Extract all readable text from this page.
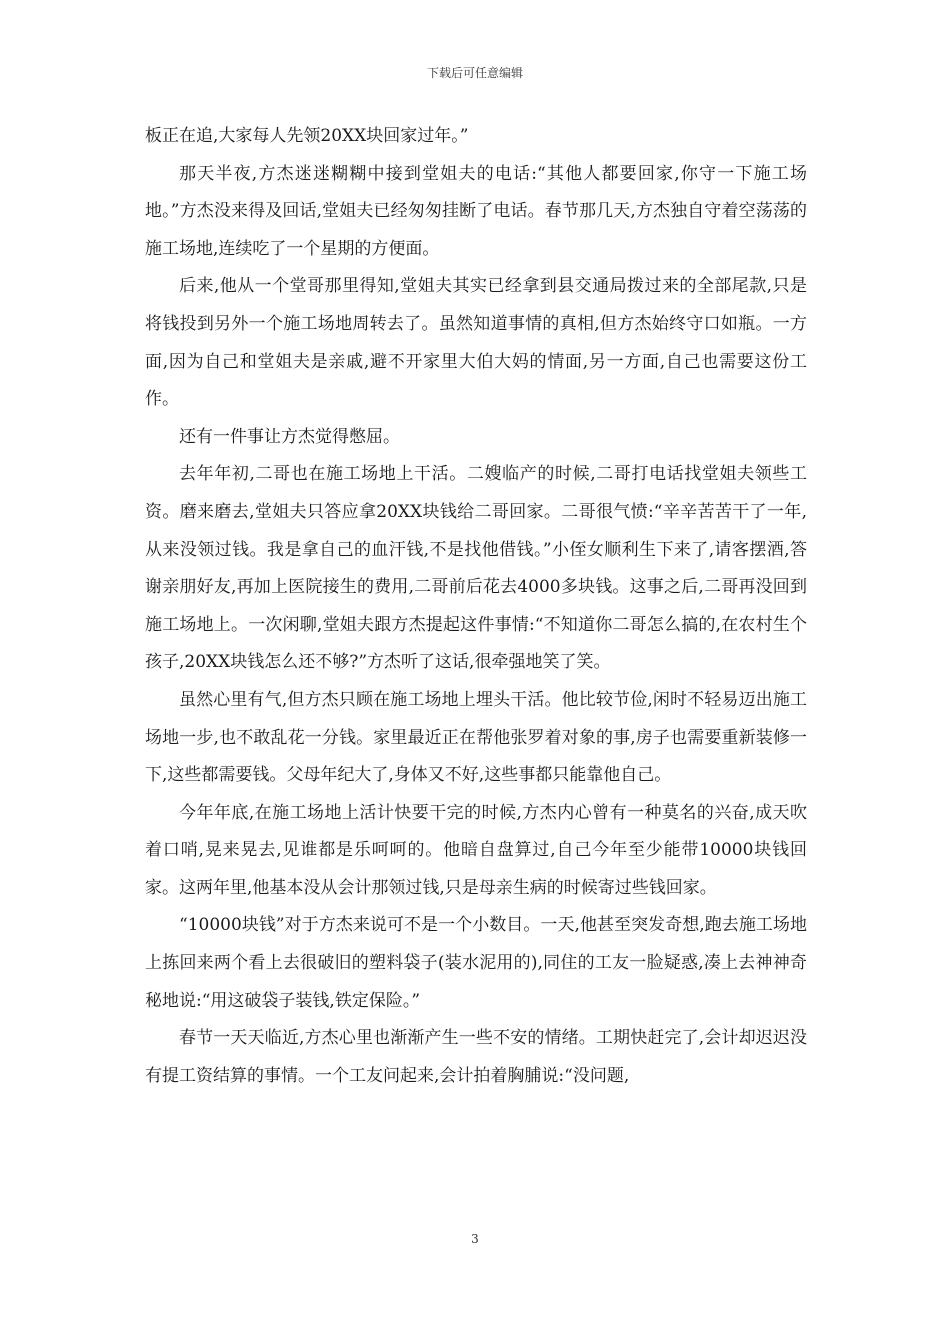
下载后可任意编辑

板正在追,大家每人先领20XX块回家过年。”

那天半夜,方杰迷迷糊糊中接到堂姐夫的电话:“其他人都要回家,你守一下施工场地。”方杰没来得及回话,堂姐夫已经匆匆挂断了电话。春节那几天,方杰独自守着空荡荡的施工场地,连续吃了一个星期的方便面。

后来,他从一个堂哥那里得知,堂姐夫其实已经拿到县交通局拨过来的全部尾款,只是将钱投到另外一个施工场地周转去了。虽然知道事情的真相,但方杰始终守口如瓶。一方面,因为自己和堂姐夫是亲戚,避不开家里大伯大妈的情面,另一方面,自己也需要这份工作。

还有一件事让方杰觉得憋屈。

去年年初,二哥也在施工场地上干活。二嫂临产的时候,二哥打电话找堂姐夫领些工资。磨来磨去,堂姐夫只答应拿20XX块钱给二哥回家。二哥很气愤:“辛辛苦苦干了一年,从来没领过钱。我是拿自己的血汗钱,不是找他借钱。”小侄女顺利生下来了,请客摆酒,答谢亲朋好友,再加上医院接生的费用,二哥前后花去4000多块钱。这事之后,二哥再没回到施工场地上。一次闲聊,堂姐夫跟方杰提起这件事情:“不知道你二哥怎么搞的,在农村生个孩子,20XX块钱怎么还不够?”方杰听了这话,很牵强地笑了笑。

虽然心里有气,但方杰只顾在施工场地上埋头干活。他比较节俭,闲时不轻易迈出施工场地一步,也不敢乱花一分钱。家里最近正在帮他张罗着对象的事,房子也需要重新装修一下,这些都需要钱。父母年纪大了,身体又不好,这些事都只能靠他自己。

今年年底,在施工场地上活计快要干完的时候,方杰内心曾有一种莫名的兴奋,成天吹着口哨,晃来晃去,见谁都是乐呵呵的。他暗自盘算过,自己今年至少能带10000块钱回家。这两年里,他基本没从会计那领过钱,只是母亲生病的时候寄过些钱回家。

“10000块钱”对于方杰来说可不是一个小数目。一天,他甚至突发奇想,跑去施工场地上拣回来两个看上去很破旧的塑料袋子(装水泥用的),同住的工友一脸疑惑,凑上去神神奇秘地说:“用这破袋子装钱,铁定保险。”

春节一天天临近,方杰心里也渐渐产生一些不安的情绪。工期快赶完了,会计却迟迟没有提工资结算的事情。一个工友问起来,会计拍着胸脯说:“没问题,

3
